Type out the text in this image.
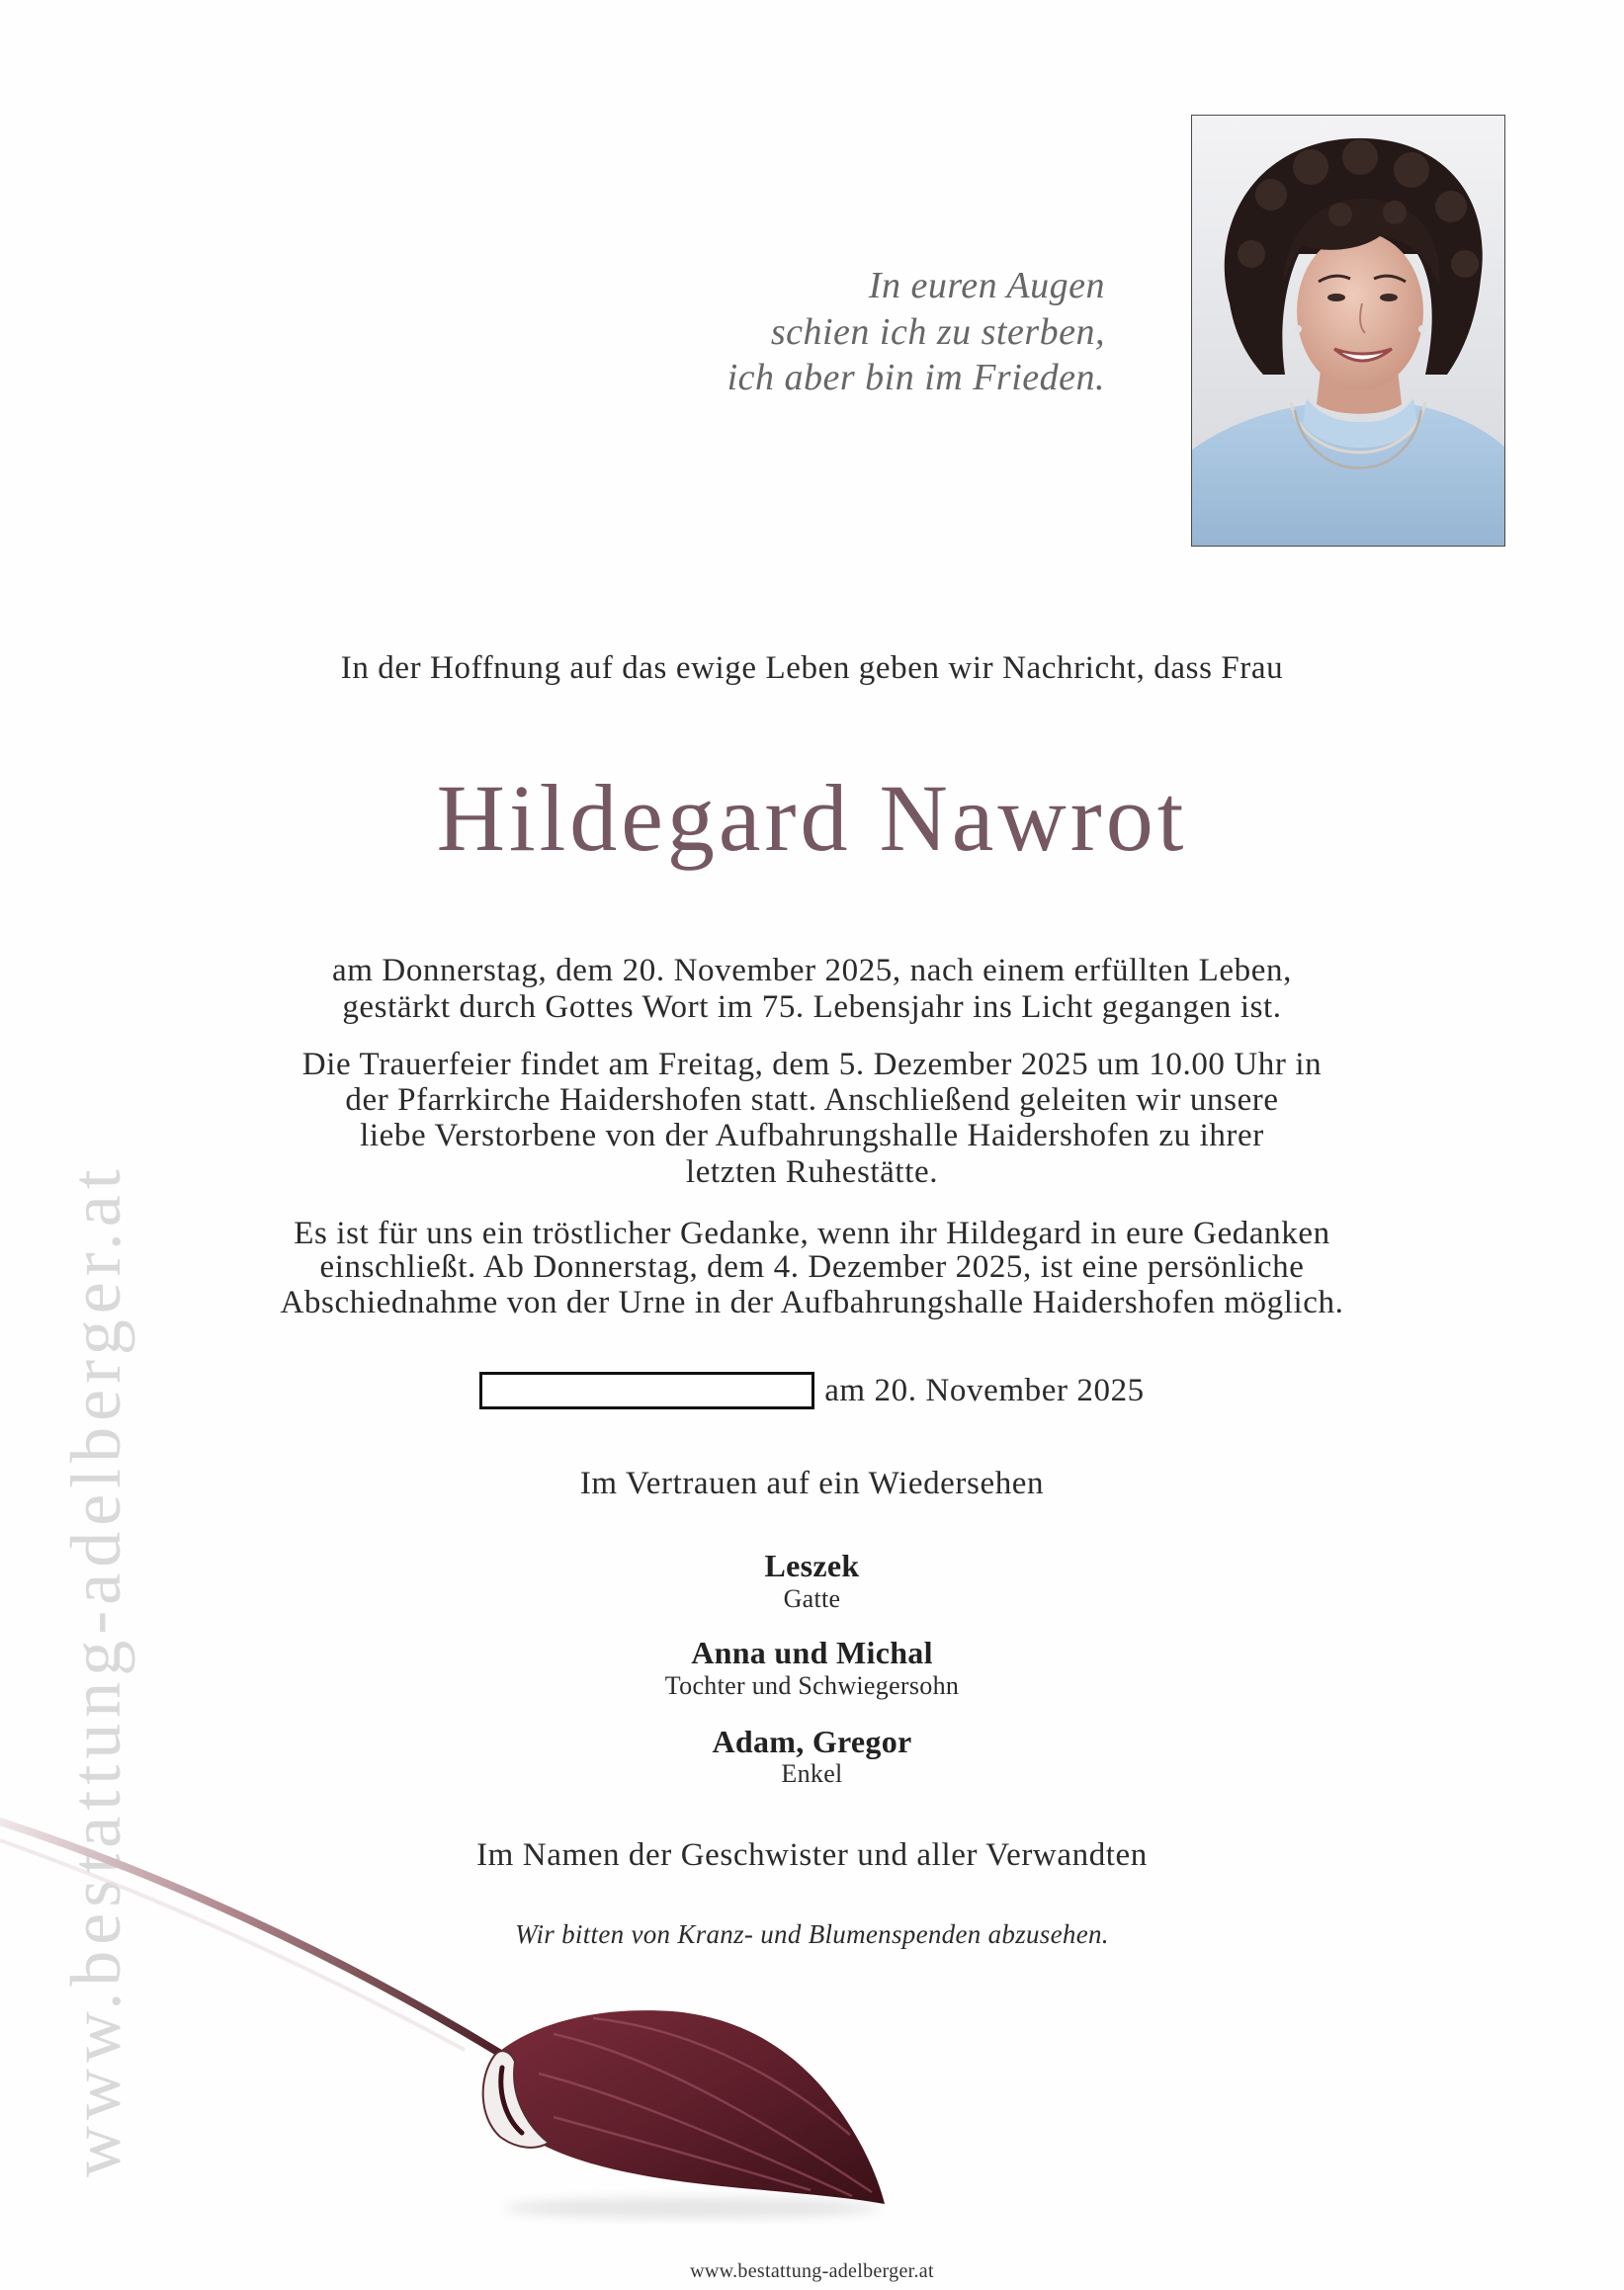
www.bestattung-adelberger.at
In euren Augen
schien ich zu sterben,
ich aber bin im Frieden.
In der Hoffnung auf das ewige Leben geben wir Nachricht, dass Frau
Hildegard Nawrot
am Donnerstag, dem 20. November 2025, nach einem erfüllten Leben,
gestärkt durch Gottes Wort im 75. Lebensjahr ins Licht gegangen ist.
Die Trauerfeier findet am Freitag, dem 5. Dezember 2025 um 10.00 Uhr in
der Pfarrkirche Haidershofen statt. Anschließend geleiten wir unsere
liebe Verstorbene von der Aufbahrungshalle Haidershofen zu ihrer
letzten Ruhestätte.
Es ist für uns ein tröstlicher Gedanke, wenn ihr Hildegard in eure Gedanken
einschließt. Ab Donnerstag, dem 4. Dezember 2025, ist eine persönliche
Abschiednahme von der Urne in der Aufbahrungshalle Haidershofen möglich.
am 20. November 2025
Im Vertrauen auf ein Wiedersehen
Leszek
Gatte
Anna und Michal
Tochter und Schwiegersohn
Adam, Gregor
Enkel
Im Namen der Geschwister und aller Verwandten
Wir bitten von Kranz- und Blumenspenden abzusehen.
www.bestattung-adelberger.at
